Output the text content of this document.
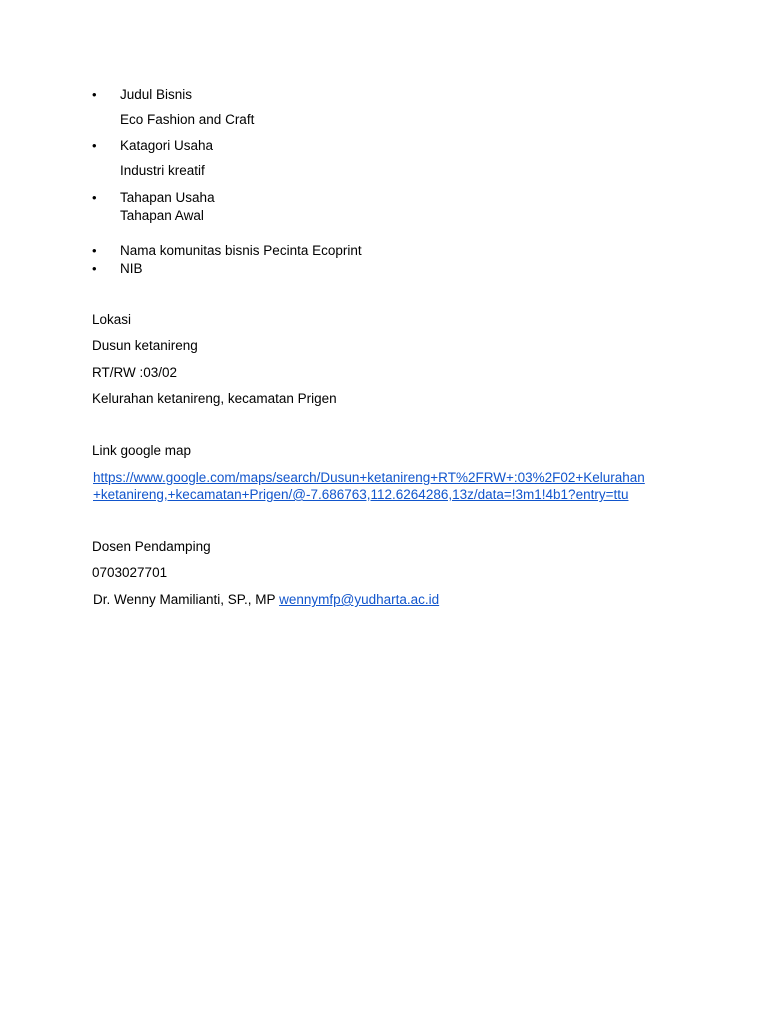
• Judul Bisnis
Eco Fashion and Craft
• Katagori Usaha
Industri kreatif
• Tahapan Usaha
Tahapan Awal
• Nama komunitas bisnis Pecinta Ecoprint
• NIB
Lokasi
Dusun ketanireng
RT/RW :03/02
Kelurahan ketanireng, kecamatan Prigen
Link google map
https://www.google.com/maps/search/Dusun+ketanireng+RT%2FRW+:03%2F02+Kelurahan
+ketanireng,+kecamatan+Prigen/@-7.686763,112.6264286,13z/data=!3m1!4b1?entry=ttu
Dosen Pendamping
0703027701
Dr. Wenny Mamilianti, SP., MP wennymfp@yudharta.ac.id
